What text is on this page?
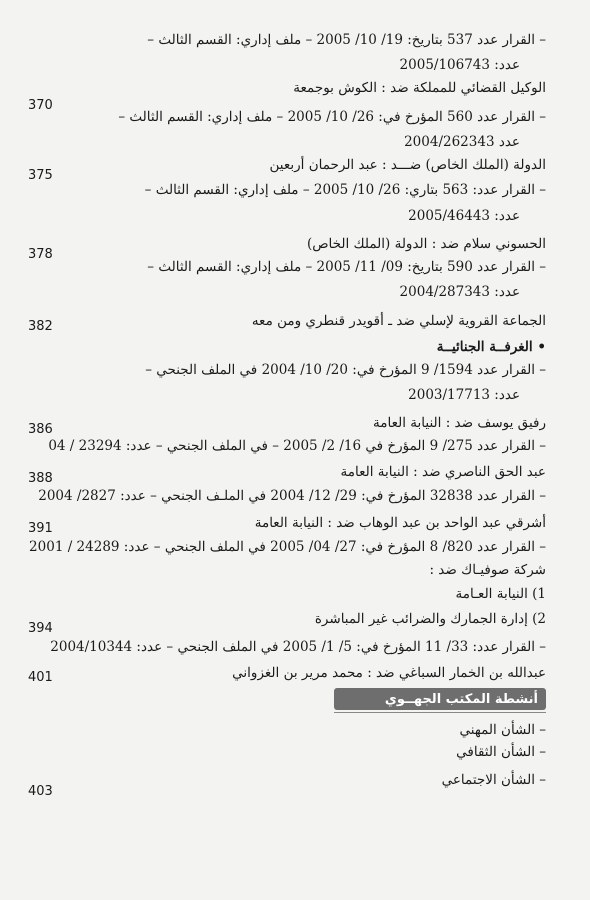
– القرار عدد 537 بتاريخ: 19/ 10/ 2005 – ملف إداري: القسم الثالث –
عدد: 2005/106743
الوكيل القضائي للمملكة ضد : الكوش بوجمعة
– القرار عدد 560 المؤرخ في: 26/ 10/ 2005 – ملف إداري: القسم الثالث –
عدد 2004/262343
الدولة (الملك الخاص) ضـــد : عبد الرحمان أربعين
– القرار عدد: 563 بتاري: 26/ 10/ 2005 – ملف إداري: القسم الثالث –
عدد: 2005/46443
الحسوني سلام ضد : الدولة (الملك الخاص)
– القرار عدد 590 بتاريخ: 09/ 11/ 2005 – ملف إداري: القسم الثالث –
عدد: 2004/287343
الجماعة القروية لإسلي ضد ـ أقويدر قنطري ومن معه
• الغرفــة الجنائيــة
– القرار عدد 1594/ 9 المؤرخ في: 20/ 10/ 2004 في الملف الجنحي –
عدد: 2003/17713
رفيق يوسف ضد : النيابة العامة
– القرار عدد 275/ 9 المؤرخ في 16/ 2/ 2005 – في الملف الجنحي – عدد: 23294 / 04
عبد الحق الناصري ضد : النيابة العامة
– القرار عدد 32838 المؤرخ في: 29/ 12/ 2004 في الملـف الجنحي – عدد: 2827/ 2004
أشرقي عبد الواحد بن عبد الوهاب ضد : النيابة العامة
– القرار عدد 820/ 8 المؤرخ في: 27/ 04/ 2005 في الملف الجنحي – عدد: 24289 / 2001
شركة صوفيـاك ضد :
1) النيابة العـامة
2) إدارة الجمارك والضرائب غير المباشرة
– القرار عدد: 33/ 11 المؤرخ في: 5/ 1/ 2005 في الملف الجنحي – عدد: 2004/10344
عبدالله بن الخمار السباغي ضد : محمد مرير بن الغزواني
– الشأن المهني
– الشأن الثقافي
– الشأن الاجتماعي
370
375
378
382
386
388
391
394
401
403
أنشطة المكتب الجهــوي
